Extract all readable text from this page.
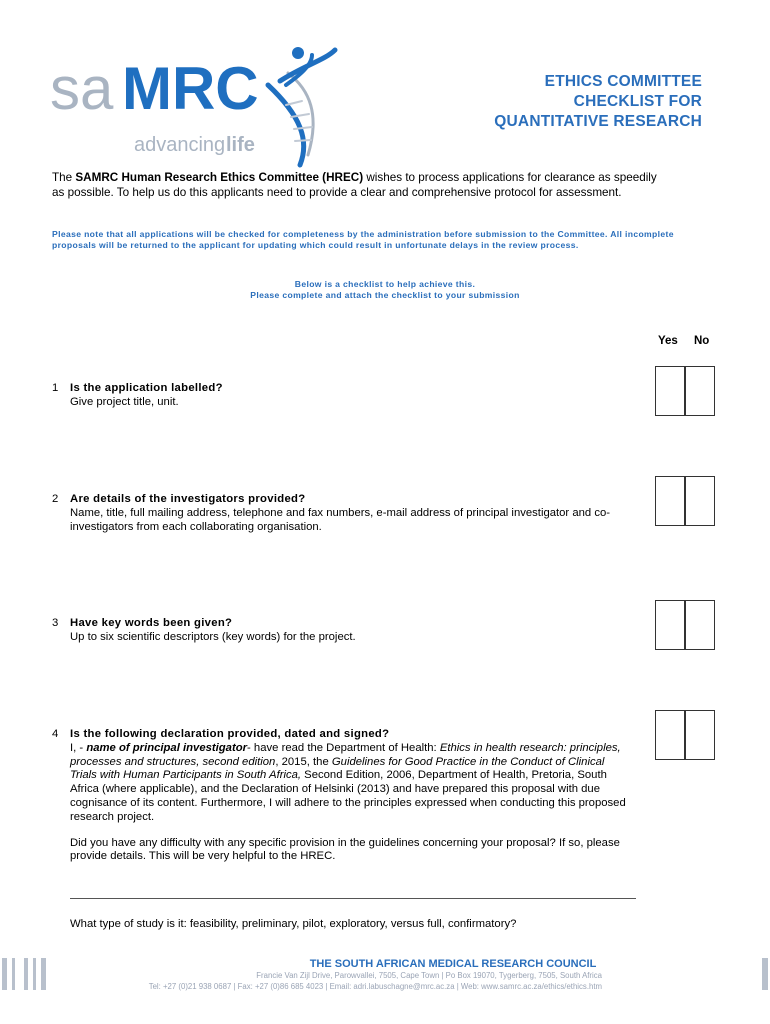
sa MRC
advancing life
ETHICS COMMITTEE
CHECKLIST FOR
QUANTITATIVE RESEARCH
The SAMRC Human Research Ethics Committee (HREC) wishes to process applications for clearance as speedily as possible. To help us do this applicants need to provide a clear and comprehensive protocol for assessment.
Please note that all applications will be checked for completeness by the administration before submission to the Committee. All incomplete proposals will be returned to the applicant for updating which could result in unfortunate delays in the review process.
Below is a checklist to help achieve this.
Please complete and attach the checklist to your submission
Yes No
1 Is the application labelled?
Give project title, unit.
2 Are details of the investigators provided?
Name, title, full mailing address, telephone and fax numbers, e-mail address of principal investigator and co-investigators from each collaborating organisation.
3 Have key words been given?
Up to six scientific descriptors (key words) for the project.
4 Is the following declaration provided, dated and signed?
I, - name of principal investigator- have read the Department of Health: Ethics in health research: principles, processes and structures, second edition, 2015, the Guidelines for Good Practice in the Conduct of Clinical Trials with Human Participants in South Africa, Second Edition, 2006, Department of Health, Pretoria, South Africa (where applicable), and the Declaration of Helsinki (2013) and have prepared this proposal with due cognisance of its content. Furthermore, I will adhere to the principles expressed when conducting this proposed research project.
Did you have any difficulty with any specific provision in the guidelines concerning your proposal? If so, please provide details. This will be very helpful to the HREC.
What type of study is it: feasibility, preliminary, pilot, exploratory, versus full, confirmatory?
THE SOUTH AFRICAN MEDICAL RESEARCH COUNCIL
Francie Van Zijl Drive, Parowvallei, 7505, Cape Town | Po Box 19070, Tygerberg, 7505, South Africa
Tel: +27 (0)21 938 0687 | Fax: +27 (0)86 685 4023 | Email: adri.labuschagne@mrc.ac.za | Web: www.samrc.ac.za/ethics/ethics.htm
